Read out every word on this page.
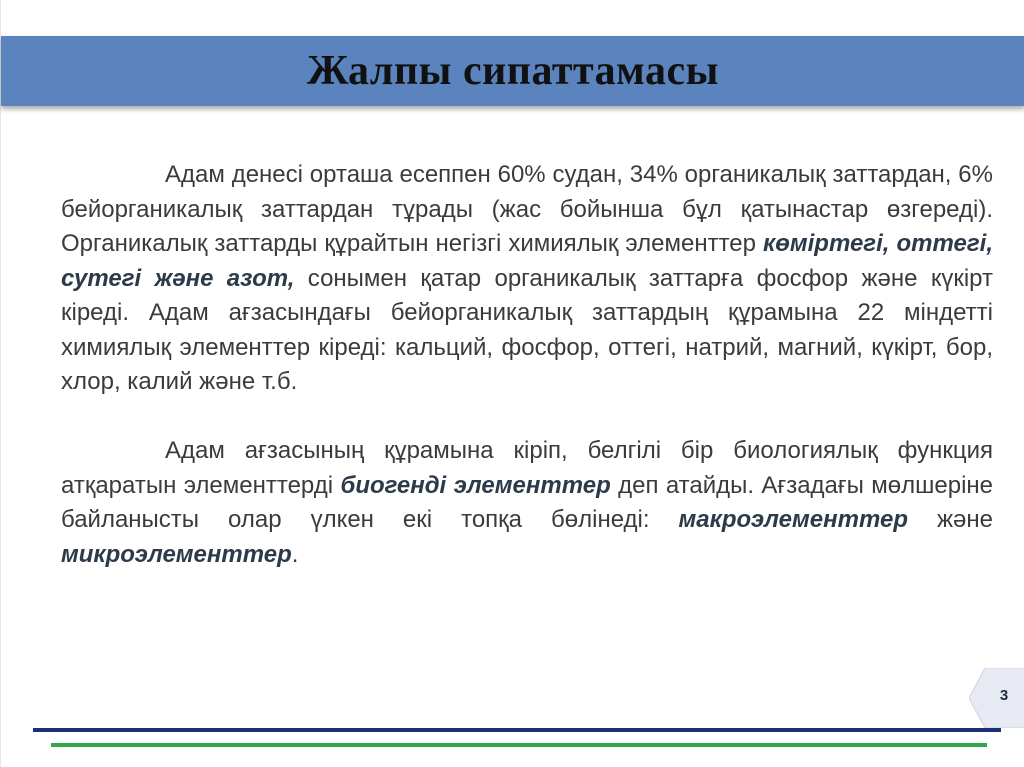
Жалпы сипаттамасы

Адам денесі орташа есеппен 60% судан, 34% органикалық заттардан, 6% бейорганикалық заттардан тұрады (жас бойынша бұл қатынастар өзгереді). Органикалық заттарды құрайтын негізгі химиялық элементтер көміртегі, оттегі, сутегі және азот, сонымен қатар органикалық заттарға фосфор және күкірт кіреді. Адам ағзасындағы бейорганикалық заттардың құрамына 22 міндетті химиялық элементтер кіреді: кальций, фосфор, оттегі, натрий, магний, күкірт, бор, хлор, калий және т.б.

Адам ағзасының құрамына кіріп, белгілі бір биологиялық функция атқаратын элементтерді биогенді элементтер деп атайды. Ағзадағы мөлшеріне байланысты олар үлкен екі топқа бөлінеді: макроэлементтер және микроэлементтер.

3
